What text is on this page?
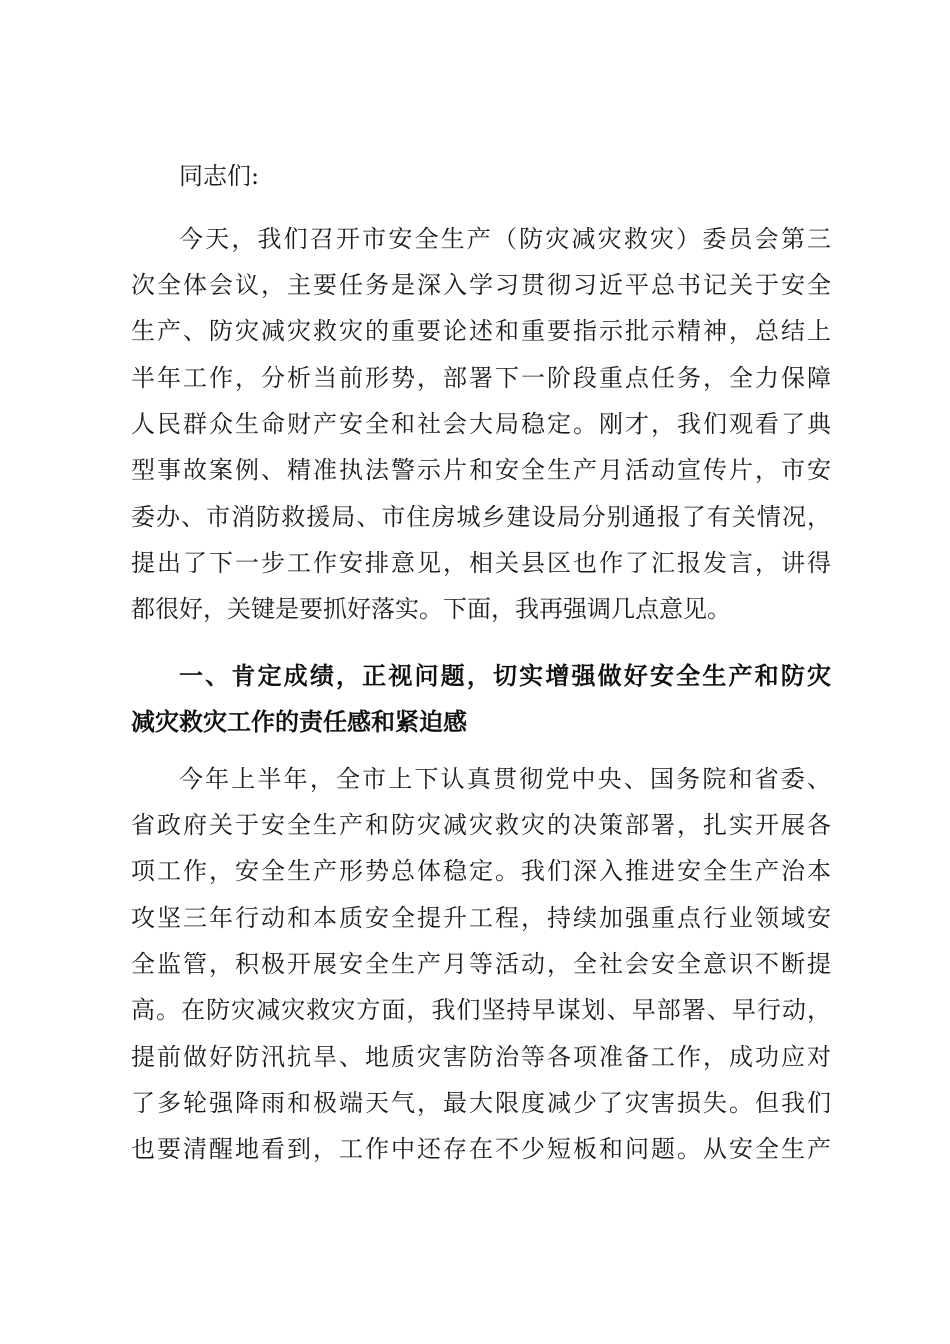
同志们:
今天，我们召开市安全生产（防灾减灾救灾）委员会第三
次全体会议，主要任务是深入学习贯彻习近平总书记关于安全
生产、防灾减灾救灾的重要论述和重要指示批示精神，总结上
半年工作，分析当前形势，部署下一阶段重点任务，全力保障
人民群众生命财产安全和社会大局稳定。刚才，我们观看了典
型事故案例、精准执法警示片和安全生产月活动宣传片，市安
委办、市消防救援局、市住房城乡建设局分别通报了有关情况，
提出了下一步工作安排意见，相关县区也作了汇报发言，讲得
都很好，关键是要抓好落实。下面，我再强调几点意见。
一、肯定成绩，正视问题，切实增强做好安全生产和防灾
减灾救灾工作的责任感和紧迫感
今年上半年，全市上下认真贯彻党中央、国务院和省委、
省政府关于安全生产和防灾减灾救灾的决策部署，扎实开展各
项工作，安全生产形势总体稳定。我们深入推进安全生产治本
攻坚三年行动和本质安全提升工程，持续加强重点行业领域安
全监管，积极开展安全生产月等活动，全社会安全意识不断提
高。在防灾减灾救灾方面，我们坚持早谋划、早部署、早行动，
提前做好防汛抗旱、地质灾害防治等各项准备工作，成功应对
了多轮强降雨和极端天气，最大限度减少了灾害损失。但我们
也要清醒地看到，工作中还存在不少短板和问题。从安全生产
